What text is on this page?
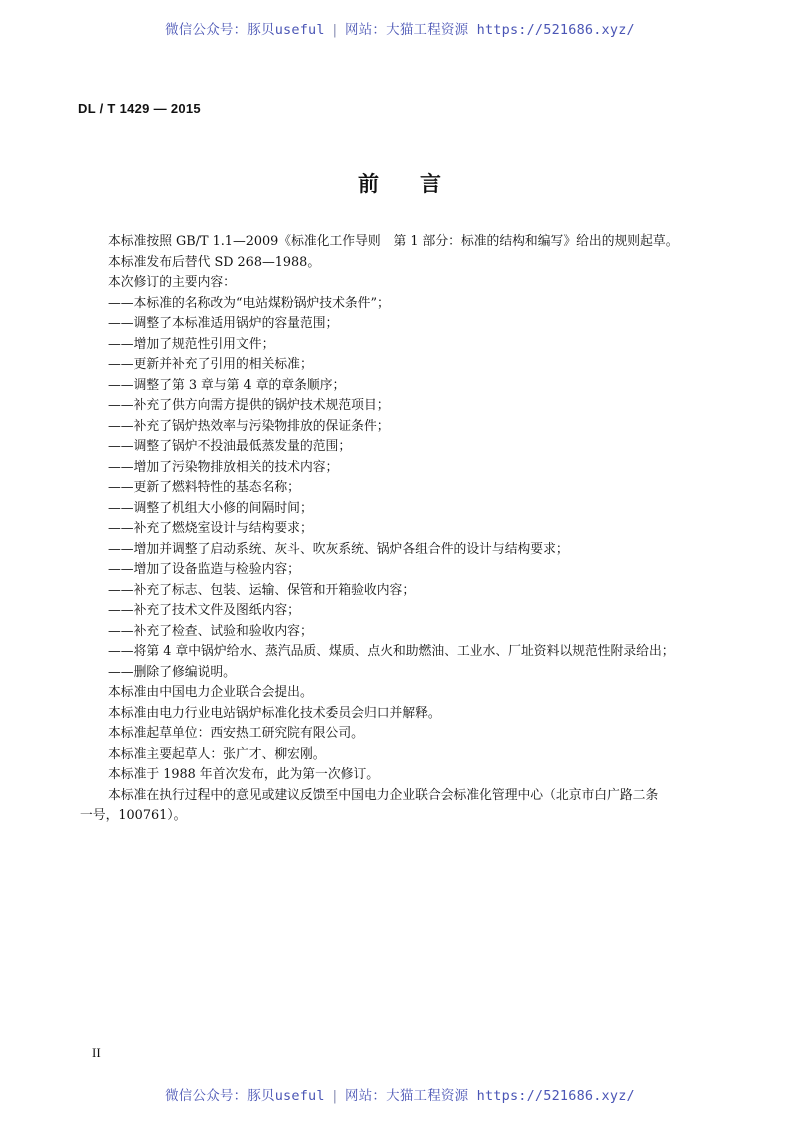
微信公众号：豚贝useful | 网站：大猫工程资源 https://521686.xyz/
DL / T 1429 — 2015
前 言

本标准按照 GB/T 1.1—2009《标准化工作导则　第 1 部分：标准的结构和编写》给出的规则起草。

本标准发布后替代 SD 268—1988。

本次修订的主要内容：

——本标准的名称改为“电站煤粉锅炉技术条件”；

——调整了本标准适用锅炉的容量范围；

——增加了规范性引用文件；

——更新并补充了引用的相关标准；

——调整了第 3 章与第 4 章的章条顺序；

——补充了供方向需方提供的锅炉技术规范项目；

——补充了锅炉热效率与污染物排放的保证条件；

——调整了锅炉不投油最低蒸发量的范围；

——增加了污染物排放相关的技术内容；

——更新了燃料特性的基态名称；

——调整了机组大小修的间隔时间；

——补充了燃烧室设计与结构要求；

——增加并调整了启动系统、灰斗、吹灰系统、锅炉各组合件的设计与结构要求；

——增加了设备监造与检验内容；

——补充了标志、包装、运输、保管和开箱验收内容；

——补充了技术文件及图纸内容；

——补充了检查、试验和验收内容；

——将第 4 章中锅炉给水、蒸汽品质、煤质、点火和助燃油、工业水、厂址资料以规范性附录给出；

——删除了修编说明。

本标准由中国电力企业联合会提出。

本标准由电力行业电站锅炉标准化技术委员会归口并解释。

本标准起草单位：西安热工研究院有限公司。

本标准主要起草人：张广才、柳宏刚。

本标准于 1988 年首次发布，此为第一次修订。

本标准在执行过程中的意见或建议反馈至中国电力企业联合会标准化管理中心（北京市白广路二条
一号，100761）。

II
微信公众号：豚贝useful | 网站：大猫工程资源 https://521686.xyz/
